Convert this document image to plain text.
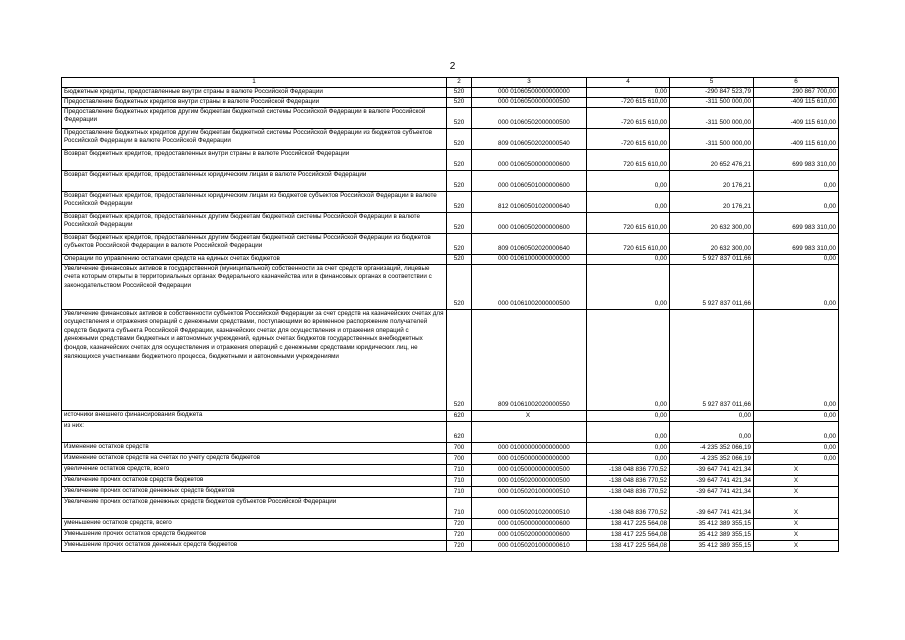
2
1	2	3	4	5	6
Бюджетные кредиты, предоставленные внутри страны в валюте Российской Федерации	520	000 01060500000000000	0,00	-290 847 523,79	290 867 700,00
Предоставление бюджетных кредитов внутри страны в валюте Российской Федерации	520	000 01060500000000500	-720 615 610,00	-311 500 000,00	-409 115 610,00
Предоставление бюджетных кредитов другим бюджетам бюджетной системы Российской Федерации в валюте Российской Федерации	520	000 01060502000000500	-720 615 610,00	-311 500 000,00	-409 115 610,00
Предоставление бюджетных кредитов другим бюджетам бюджетной системы Российской Федерации из бюджетов субъектов Российской Федерации в валюте Российской Федерации	520	809 01060502020000540	-720 615 610,00	-311 500 000,00	-409 115 610,00
Возврат бюджетных кредитов, предоставленных внутри страны в валюте Российской Федерации	520	000 01060500000000600	720 615 610,00	20 652 476,21	699 983 310,00
Возврат бюджетных кредитов, предоставленных юридическим лицам в валюте Российской Федерации	520	000 01060501000000600	0,00	20 176,21	0,00
Возврат бюджетных кредитов, предоставленных юридическим лицам из бюджетов субъектов Российской Федерации в валюте Российской Федерации	520	812 01060501020000640	0,00	20 176,21	0,00
Возврат бюджетных кредитов, предоставленных другим бюджетам бюджетной системы Российской Федерации в валюте Российской Федерации	520	000 01060502000000600	720 615 610,00	20 632 300,00	699 983 310,00
Возврат бюджетных кредитов, предоставленных другим бюджетам бюджетной системы Российской Федерации из бюджетов субъектов Российской Федерации в валюте Российской Федерации	520	809 01060502020000640	720 615 610,00	20 632 300,00	699 983 310,00
Операции по управлению остатками средств на единых счетах бюджетов	520	000 01061000000000000	0,00	5 927 837 011,66	0,00
Увеличение финансовых активов в государственной (муниципальной) собственности за счет средств организаций, лицевые счета которым открыты в территориальных органах Федерального казначейства или в финансовых органах в соответствии с законодательством Российской Федерации	520	000 01061002000000500	0,00	5 927 837 011,66	0,00
Увеличение финансовых активов в собственности субъектов Российской Федерации за счет средств на казначейских счетах для осуществления и отражения операций с денежными средствами, поступающими во временное распоряжение получателей средств бюджета субъекта Российской Федерации, казначейских счетах для осуществления и отражения операций с денежными средствами бюджетных и автономных учреждений, единых счетах бюджетов государственных внебюджетных фондов, казначейских счетах для осуществления и отражения операций с денежными средствами юридических лиц, не являющихся участниками бюджетного процесса, бюджетными и автономными учреждениями	520	809 01061002020000550	0,00	5 927 837 011,66	0,00
источники внешнего финансирования бюджета	620	X	0,00	0,00	0,00
из них:	620		0,00	0,00	0,00
Изменение остатков средств	700	000 01000000000000000	0,00	-4 235 352 066,19	0,00
Изменение остатков средств на счетах по учету средств бюджетов	700	000 01050000000000000	0,00	-4 235 352 066,19	0,00
увеличение остатков средств, всего	710	000 01050000000000500	-138 048 836 770,52	-39 647 741 421,34	X
Увеличение прочих остатков средств бюджетов	710	000 01050200000000500	-138 048 836 770,52	-39 647 741 421,34	X
Увеличение прочих остатков денежных средств бюджетов	710	000 01050201000000510	-138 048 836 770,52	-39 647 741 421,34	X
Увеличение прочих остатков денежных средств бюджетов субъектов Российской Федерации	710	000 01050201020000510	-138 048 836 770,52	-39 647 741 421,34	X
уменьшение остатков средств, всего	720	000 01050000000000600	138 417 225 564,08	35 412 389 355,15	X
Уменьшение прочих остатков средств бюджетов	720	000 01050200000000600	138 417 225 564,08	35 412 389 355,15	X
Уменьшение прочих остатков денежных средств бюджетов	720	000 01050201000000610	138 417 225 564,08	35 412 389 355,15	X
